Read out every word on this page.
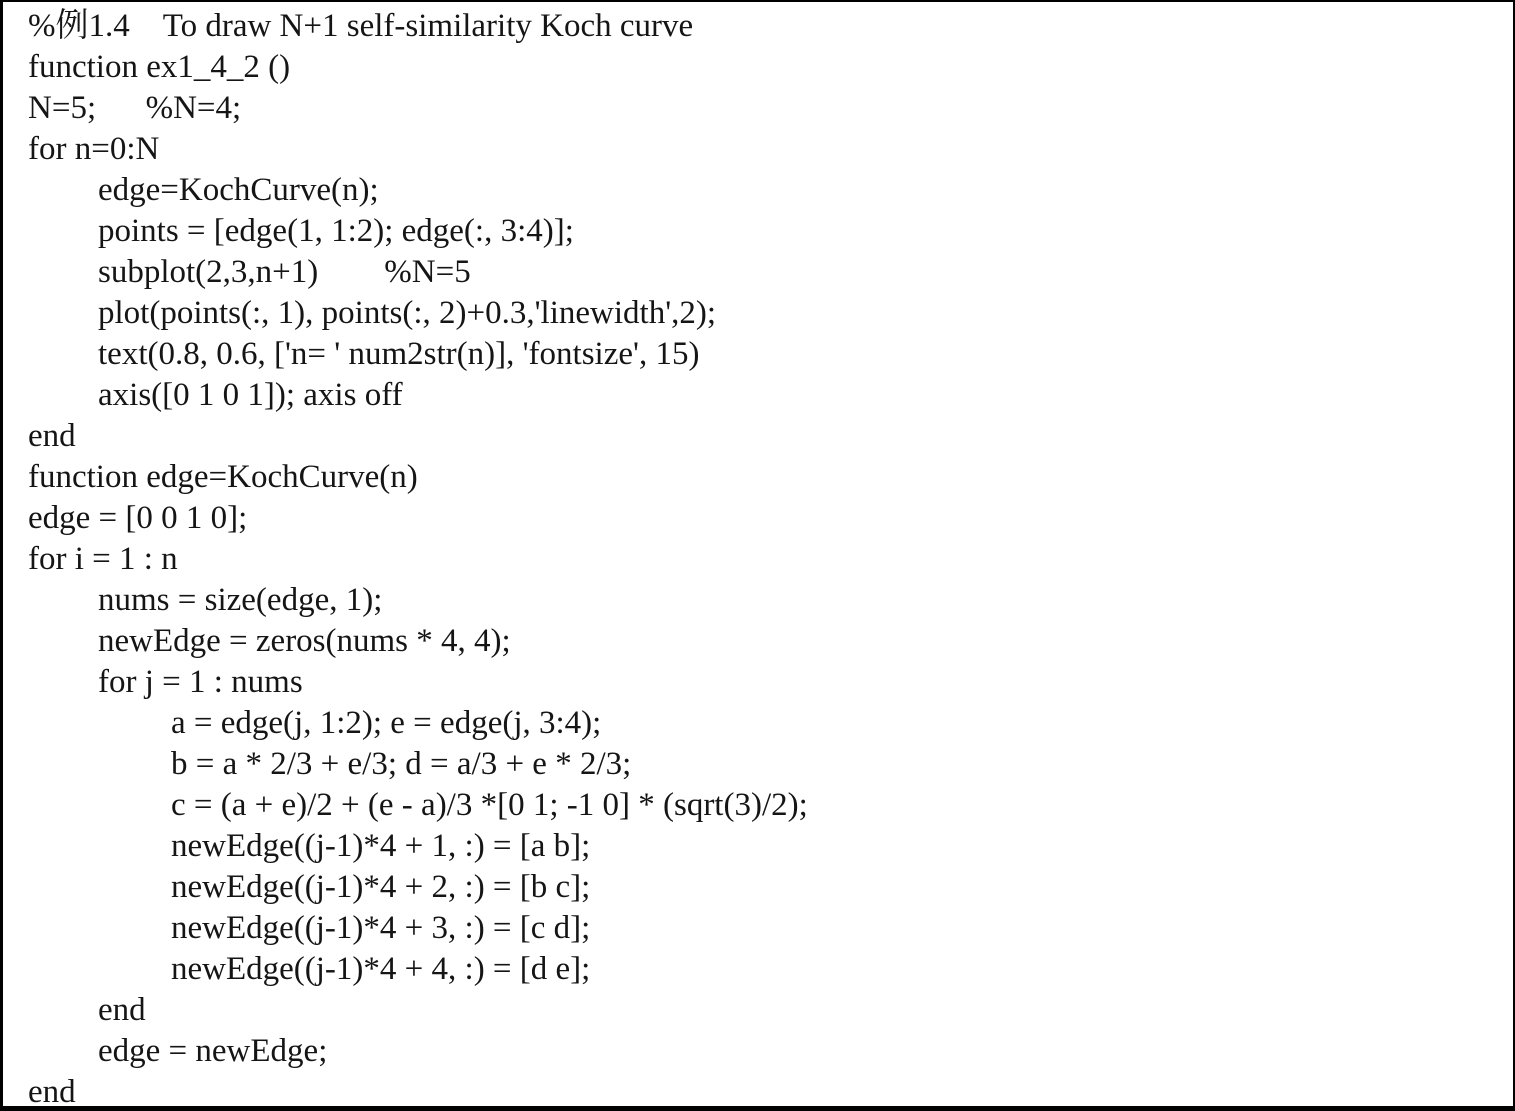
%例1.4    To draw N+1 self-similarity Koch curve
function ex1_4_2 ()
N=5;      %N=4;
for n=0:N
edge=KochCurve(n);
points = [edge(1, 1:2); edge(:, 3:4)];
subplot(2,3,n+1)        %N=5
plot(points(:, 1), points(:, 2)+0.3,'linewidth',2);
text(0.8, 0.6, ['n= ' num2str(n)], 'fontsize', 15)
axis([0 1 0 1]); axis off
end
function edge=KochCurve(n)
edge = [0 0 1 0];
for i = 1 : n
nums = size(edge, 1);
newEdge = zeros(nums * 4, 4);
for j = 1 : nums
a = edge(j, 1:2); e = edge(j, 3:4);
b = a * 2/3 + e/3; d = a/3 + e * 2/3;
c = (a + e)/2 + (e - a)/3 *[0 1; -1 0] * (sqrt(3)/2);
newEdge((j-1)*4 + 1, :) = [a b];
newEdge((j-1)*4 + 2, :) = [b c];
newEdge((j-1)*4 + 3, :) = [c d];
newEdge((j-1)*4 + 4, :) = [d e];
end
edge = newEdge;
end
